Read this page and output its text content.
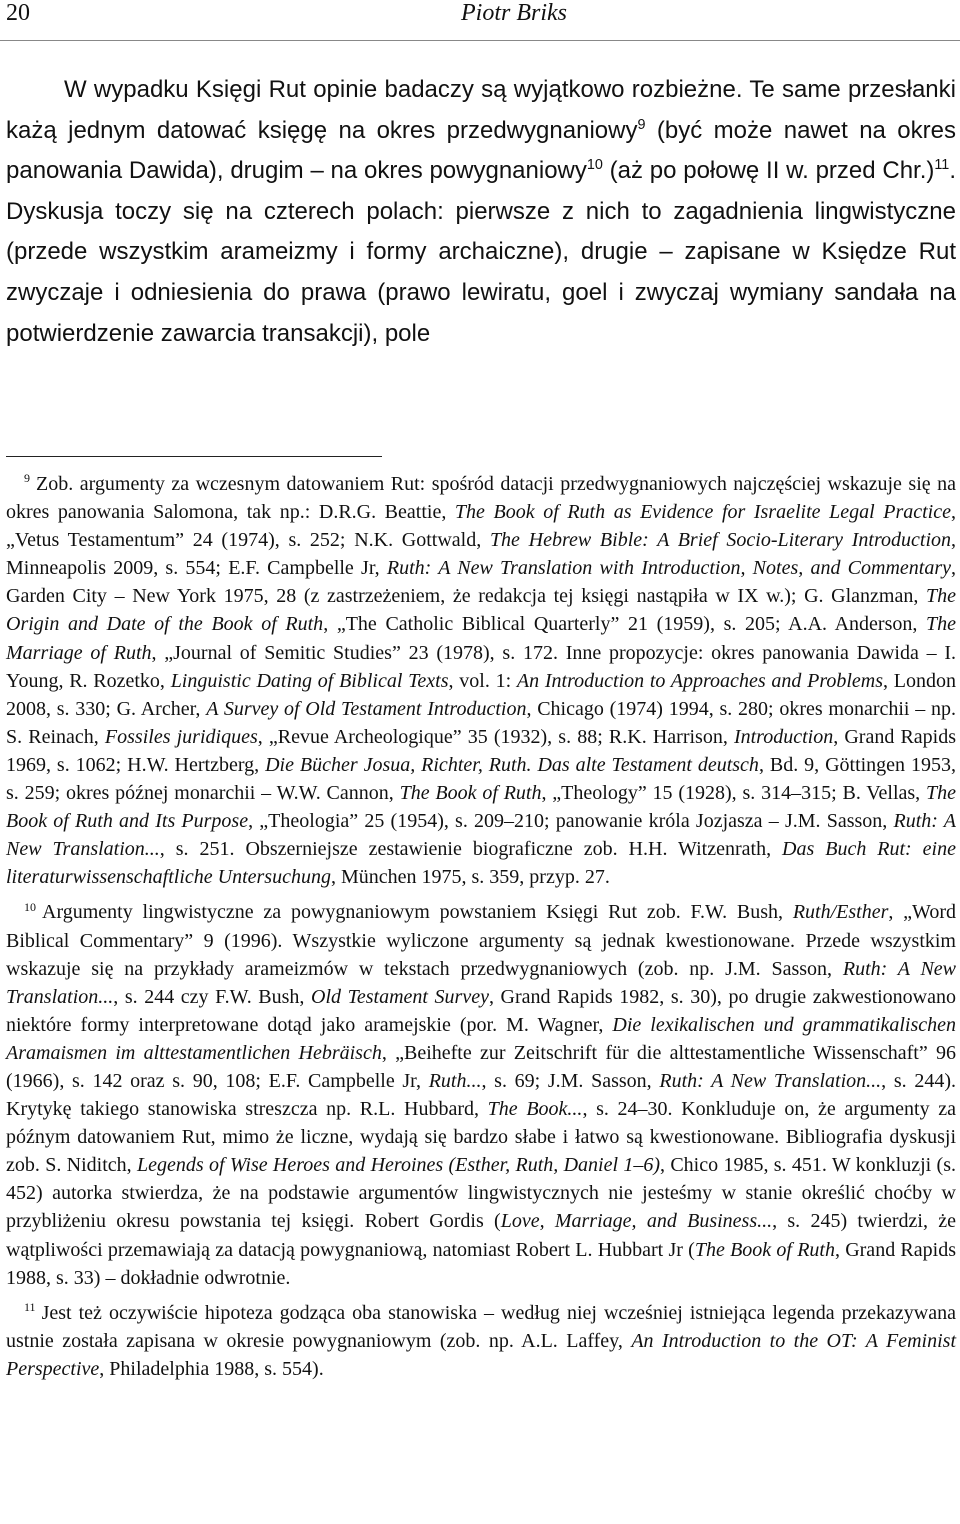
20	Piotr Briks

W wypadku Księgi Rut opinie badaczy są wyjątkowo rozbieżne. Te same przesłanki każą jednym datować księgę na okres przedwygnaniowy$^9$ (być może nawet na okres panowania Dawida), drugim – na okres powygnaniowy$^{10}$ (aż po połowę II w. przed Chr.)$^{11}$. Dyskusja toczy się na czterech polach: pierwsze z nich to zagadnienia lingwistyczne (przede wszystkim arameizmy i formy archaiczne), drugie – zapisane w Księdze Rut zwyczaje i odniesienia do prawa (prawo lewiratu, goel i zwyczaj wymiany sandała na potwierdzenie zawarcia transakcji), pole

$^9$ Zob. argumenty za wczesnym datowaniem Rut: spośród datacji przedwygnaniowych najczęściej wskazuje się na okres panowania Salomona, tak np.: D.R.G. Beattie, The Book of Ruth as Evidence for Israelite Legal Practice, „Vetus Testamentum” 24 (1974), s. 252; N.K. Gottwald, The Hebrew Bible: A Brief Socio-Literary Introduction, Minneapolis 2009, s. 554; E.F. Campbelle Jr, Ruth: A New Translation with Introduction, Notes, and Commentary, Garden City – New York 1975, 28 (z zastrzeżeniem, że redakcja tej księgi nastąpiła w IX w.); G. Glanzman, The Origin and Date of the Book of Ruth, „The Catholic Biblical Quarterly” 21 (1959), s. 205; A.A. Anderson, The Marriage of Ruth, „Journal of Semitic Studies” 23 (1978), s. 172. Inne propozycje: okres panowania Dawida – I. Young, R. Rozetko, Linguistic Dating of Biblical Texts, vol. 1: An Introduction to Approaches and Problems, London 2008, s. 330; G. Archer, A Survey of Old Testament Introduction, Chicago (1974) 1994, s. 280; okres monarchii – np. S. Reinach, Fossiles juridiques, „Revue Archeologique” 35 (1932), s. 88; R.K. Harrison, Introduction, Grand Rapids 1969, s. 1062; H.W. Hertzberg, Die Bücher Josua, Richter, Ruth. Das alte Testament deutsch, Bd. 9, Göttingen 1953, s. 259; okres późnej monarchii – W.W. Cannon, The Book of Ruth, „Theology” 15 (1928), s. 314–315; B. Vellas, The Book of Ruth and Its Purpose, „Theologia” 25 (1954), s. 209–210; panowanie króla Jozjasza – J.M. Sasson, Ruth: A New Translation..., s. 251. Obszerniejsze zestawienie biograficzne zob. H.H. Witzenrath, Das Buch Rut: eine literaturwissenschaftliche Untersuchung, München 1975, s. 359, przyp. 27.

$^{10}$ Argumenty lingwistyczne za powygnaniowym powstaniem Księgi Rut zob. F.W. Bush, Ruth/Esther, „Word Biblical Commentary” 9 (1996). Wszystkie wyliczone argumenty są jednak kwestionowane. Przede wszystkim wskazuje się na przykłady arameizmów w tekstach przedwygnaniowych (zob. np. J.M. Sasson, Ruth: A New Translation..., s. 244 czy F.W. Bush, Old Testament Survey, Grand Rapids 1982, s. 30), po drugie zakwestionowano niektóre formy interpretowane dotąd jako aramejskie (por. M. Wagner, Die lexikalischen und grammatikalischen Aramaismen im alttestamentlichen Hebräisch, „Beihefte zur Zeitschrift für die alttestamentliche Wissenschaft” 96 (1966), s. 142 oraz s. 90, 108; E.F. Campbelle Jr, Ruth..., s. 69; J.M. Sasson, Ruth: A New Translation..., s. 244). Krytykę takiego stanowiska streszcza np. R.L. Hubbard, The Book..., s. 24–30. Konkluduje on, że argumenty za późnym datowaniem Rut, mimo że liczne, wydają się bardzo słabe i łatwo są kwestionowane. Bibliografia dyskusji zob. S. Niditch, Legends of Wise Heroes and Heroines (Esther, Ruth, Daniel 1–6), Chico 1985, s. 451. W konkluzji (s. 452) autorka stwierdza, że na podstawie argumentów lingwistycznych nie jesteśmy w stanie określić choćby w przybliżeniu okresu powstania tej księgi. Robert Gordis (Love, Marriage, and Business..., s. 245) twierdzi, że wątpliwości przemawiają za datacją powygnaniową, natomiast Robert L. Hubbart Jr (The Book of Ruth, Grand Rapids 1988, s. 33) – dokładnie odwrotnie.

$^{11}$ Jest też oczywiście hipoteza godząca oba stanowiska – według niej wcześniej istniejąca legenda przekazywana ustnie została zapisana w okresie powygnaniowym (zob. np. A.L. Laffey, An Introduction to the OT: A Feminist Perspective, Philadelphia 1988, s. 554).
